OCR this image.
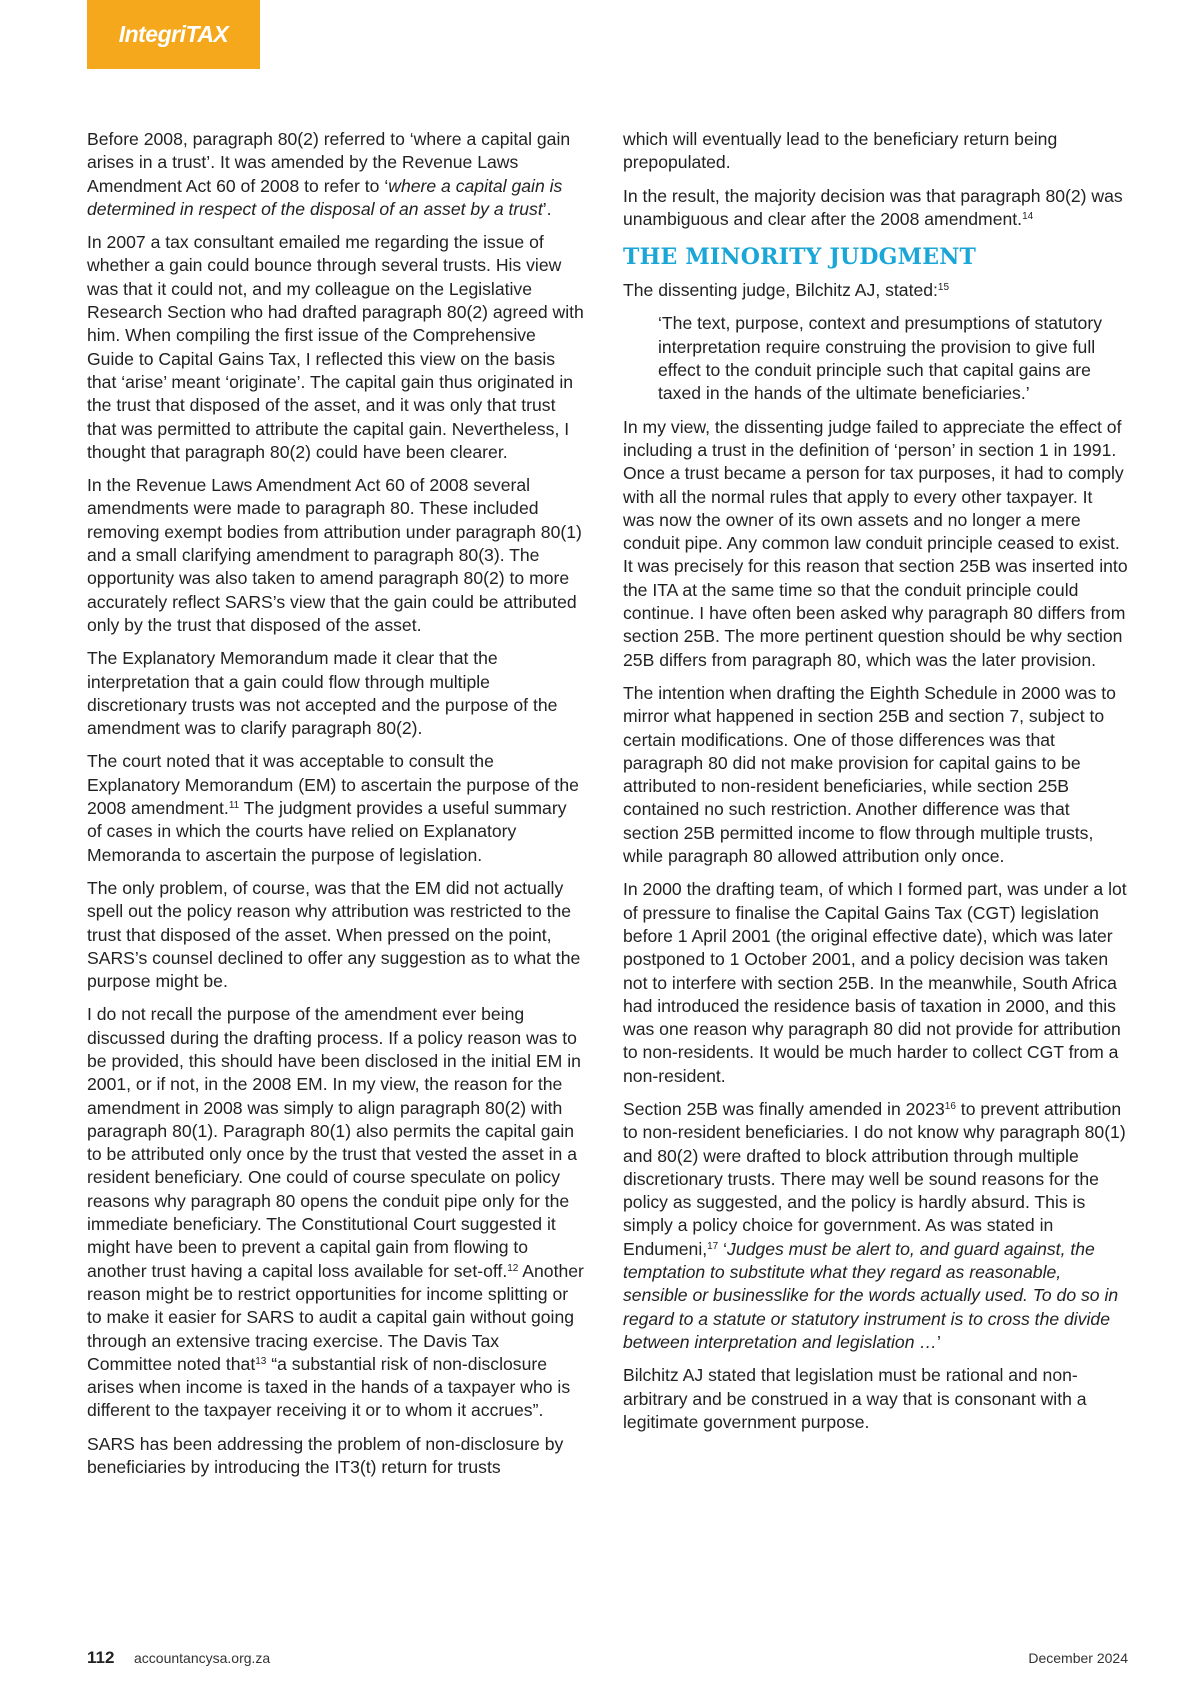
IntegriTAX

Before 2008, paragraph 80(2) referred to ‘where a capital gain arises in a trust’. It was amended by the Revenue Laws Amendment Act 60 of 2008 to refer to ‘where a capital gain is determined in respect of the disposal of an asset by a trust’.

In 2007 a tax consultant emailed me regarding the issue of whether a gain could bounce through several trusts. His view was that it could not, and my colleague on the Legislative Research Section who had drafted paragraph 80(2) agreed with him. When compiling the first issue of the Comprehensive Guide to Capital Gains Tax, I reflected this view on the basis that ‘arise’ meant ‘originate’. The capital gain thus originated in the trust that disposed of the asset, and it was only that trust that was permitted to attribute the capital gain. Nevertheless, I thought that paragraph 80(2) could have been clearer.

In the Revenue Laws Amendment Act 60 of 2008 several amendments were made to paragraph 80. These included removing exempt bodies from attribution under paragraph 80(1) and a small clarifying amendment to paragraph 80(3). The opportunity was also taken to amend paragraph 80(2) to more accurately reflect SARS’s view that the gain could be attributed only by the trust that disposed of the asset.

The Explanatory Memorandum made it clear that the interpretation that a gain could flow through multiple discretionary trusts was not accepted and the purpose of the amendment was to clarify paragraph 80(2).

The court noted that it was acceptable to consult the Explanatory Memorandum (EM) to ascertain the purpose of the 2008 amendment.$^{11}$ The judgment provides a useful summary of cases in which the courts have relied on Explanatory Memoranda to ascertain the purpose of legislation.

The only problem, of course, was that the EM did not actually spell out the policy reason why attribution was restricted to the trust that disposed of the asset. When pressed on the point, SARS’s counsel declined to offer any suggestion as to what the purpose might be.

I do not recall the purpose of the amendment ever being discussed during the drafting process. If a policy reason was to be provided, this should have been disclosed in the initial EM in 2001, or if not, in the 2008 EM. In my view, the reason for the amendment in 2008 was simply to align paragraph 80(2) with paragraph 80(1). Paragraph 80(1) also permits the capital gain to be attributed only once by the trust that vested the asset in a resident beneficiary. One could of course speculate on policy reasons why paragraph 80 opens the conduit pipe only for the immediate beneficiary. The Constitutional Court suggested it might have been to prevent a capital gain from flowing to another trust having a capital loss available for set-off.$^{12}$ Another reason might be to restrict opportunities for income splitting or to make it easier for SARS to audit a capital gain without going through an extensive tracing exercise. The Davis Tax Committee noted that$^{13}$ “a substantial risk of non-disclosure arises when income is taxed in the hands of a taxpayer who is different to the taxpayer receiving it or to whom it accrues”.

SARS has been addressing the problem of non-disclosure by beneficiaries by introducing the IT3(t) return for trusts

which will eventually lead to the beneficiary return being prepopulated.

In the result, the majority decision was that paragraph 80(2) was unambiguous and clear after the 2008 amendment.$^{14}$

THE MINORITY JUDGMENT

The dissenting judge, Bilchitz AJ, stated:$^{15}$

‘The text, purpose, context and presumptions of statutory interpretation require construing the provision to give full effect to the conduit principle such that capital gains are taxed in the hands of the ultimate beneficiaries.’

In my view, the dissenting judge failed to appreciate the effect of including a trust in the definition of ‘person’ in section 1 in 1991. Once a trust became a person for tax purposes, it had to comply with all the normal rules that apply to every other taxpayer. It was now the owner of its own assets and no longer a mere conduit pipe. Any common law conduit principle ceased to exist. It was precisely for this reason that section 25B was inserted into the ITA at the same time so that the conduit principle could continue. I have often been asked why paragraph 80 differs from section 25B. The more pertinent question should be why section 25B differs from paragraph 80, which was the later provision.

The intention when drafting the Eighth Schedule in 2000 was to mirror what happened in section 25B and section 7, subject to certain modifications. One of those differences was that paragraph 80 did not make provision for capital gains to be attributed to non-resident beneficiaries, while section 25B contained no such restriction. Another difference was that section 25B permitted income to flow through multiple trusts, while paragraph 80 allowed attribution only once.

In 2000 the drafting team, of which I formed part, was under a lot of pressure to finalise the Capital Gains Tax (CGT) legislation before 1 April 2001 (the original effective date), which was later postponed to 1 October 2001, and a policy decision was taken not to interfere with section 25B. In the meanwhile, South Africa had introduced the residence basis of taxation in 2000, and this was one reason why paragraph 80 did not provide for attribution to non-residents. It would be much harder to collect CGT from a non-resident.

Section 25B was finally amended in 2023$^{16}$ to prevent attribution to non-resident beneficiaries. I do not know why paragraph 80(1) and 80(2) were drafted to block attribution through multiple discretionary trusts. There may well be sound reasons for the policy as suggested, and the policy is hardly absurd. This is simply a policy choice for government. As was stated in Endumeni,$^{17}$ ‘Judges must be alert to, and guard against, the temptation to substitute what they regard as reasonable, sensible or businesslike for the words actually used. To do so in regard to a statute or statutory instrument is to cross the divide between interpretation and legislation …’

Bilchitz AJ stated that legislation must be rational and non-arbitrary and be construed in a way that is consonant with a legitimate government purpose.

112 accountancysa.org.za	December 2024
